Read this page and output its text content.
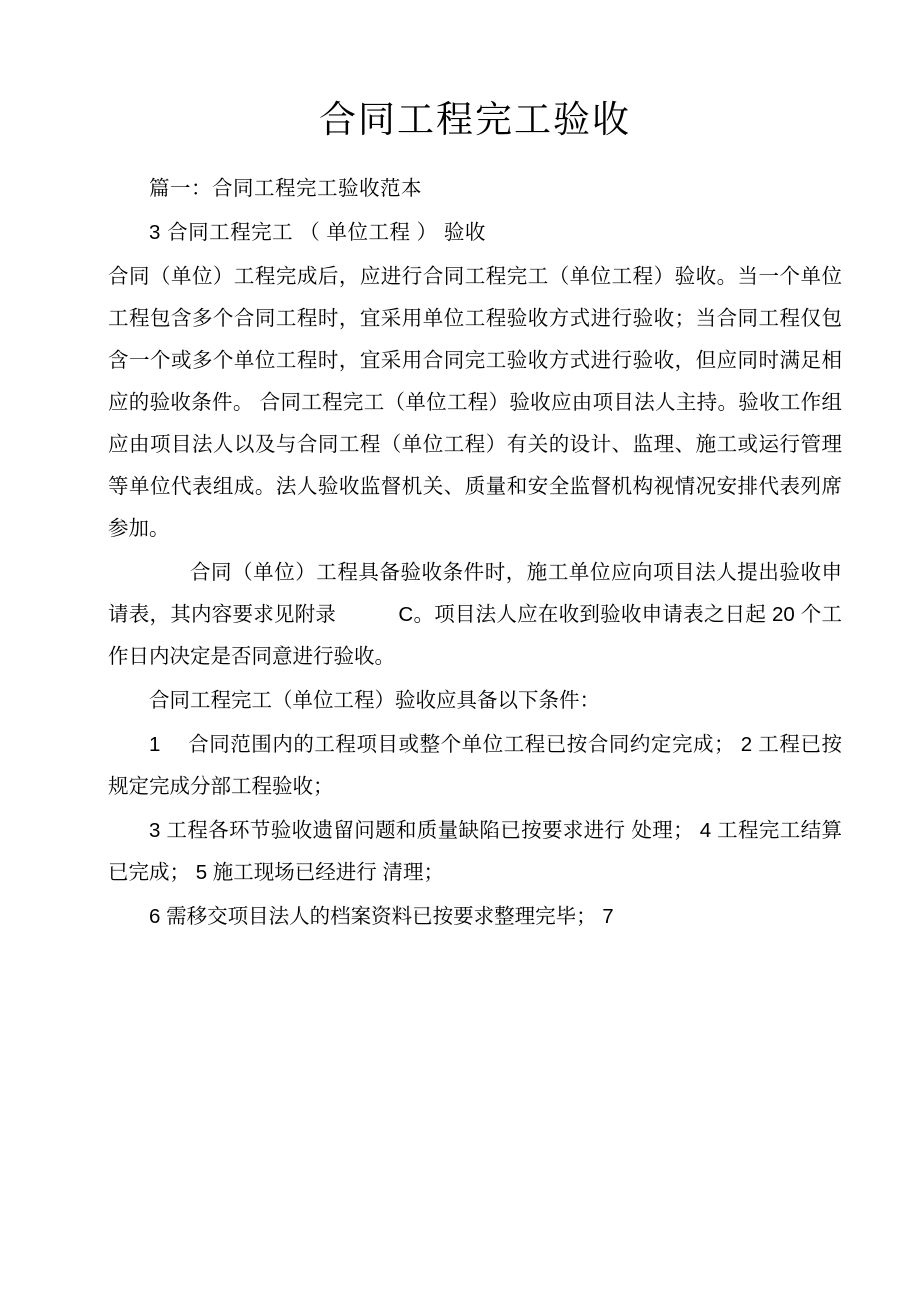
合同工程完工验收

篇一：合同工程完工验收范本

3 合同工程完工 （ 单位工程 ） 验收

合同（单位）工程完成后，应进行合同工程完工（单位工程）验收。当一个单位工程包含多个合同工程时，宜采用单位工程验收方式进行验收；当合同工程仅包含一个或多个单位工程时，宜采用合同完工验收方式进行验收，但应同时满足相应的验收条件。 合同工程完工（单位工程）验收应由项目法人主持。验收工作组应由项目法人以及与合同工程（单位工程）有关的设计、监理、施工或运行管理等单位代表组成。法人验收监督机关、质量和安全监督机构视情况安排代表列席参加。

合同（单位）工程具备验收条件时，施工单位应向项目法人提出验收申请表，其内容要求见附录　　　C。项目法人应在收到验收申请表之日起 20 个工作日内决定是否同意进行验收。

合同工程完工（单位工程）验收应具备以下条件：

1　 合同范围内的工程项目或整个单位工程已按合同约定完成； 2 工程已按规定完成分部工程验收；

3 工程各环节验收遗留问题和质量缺陷已按要求进行 处理； 4 工程完工结算已完成； 5 施工现场已经进行 清理；

6 需移交项目法人的档案资料已按要求整理完毕； 7
